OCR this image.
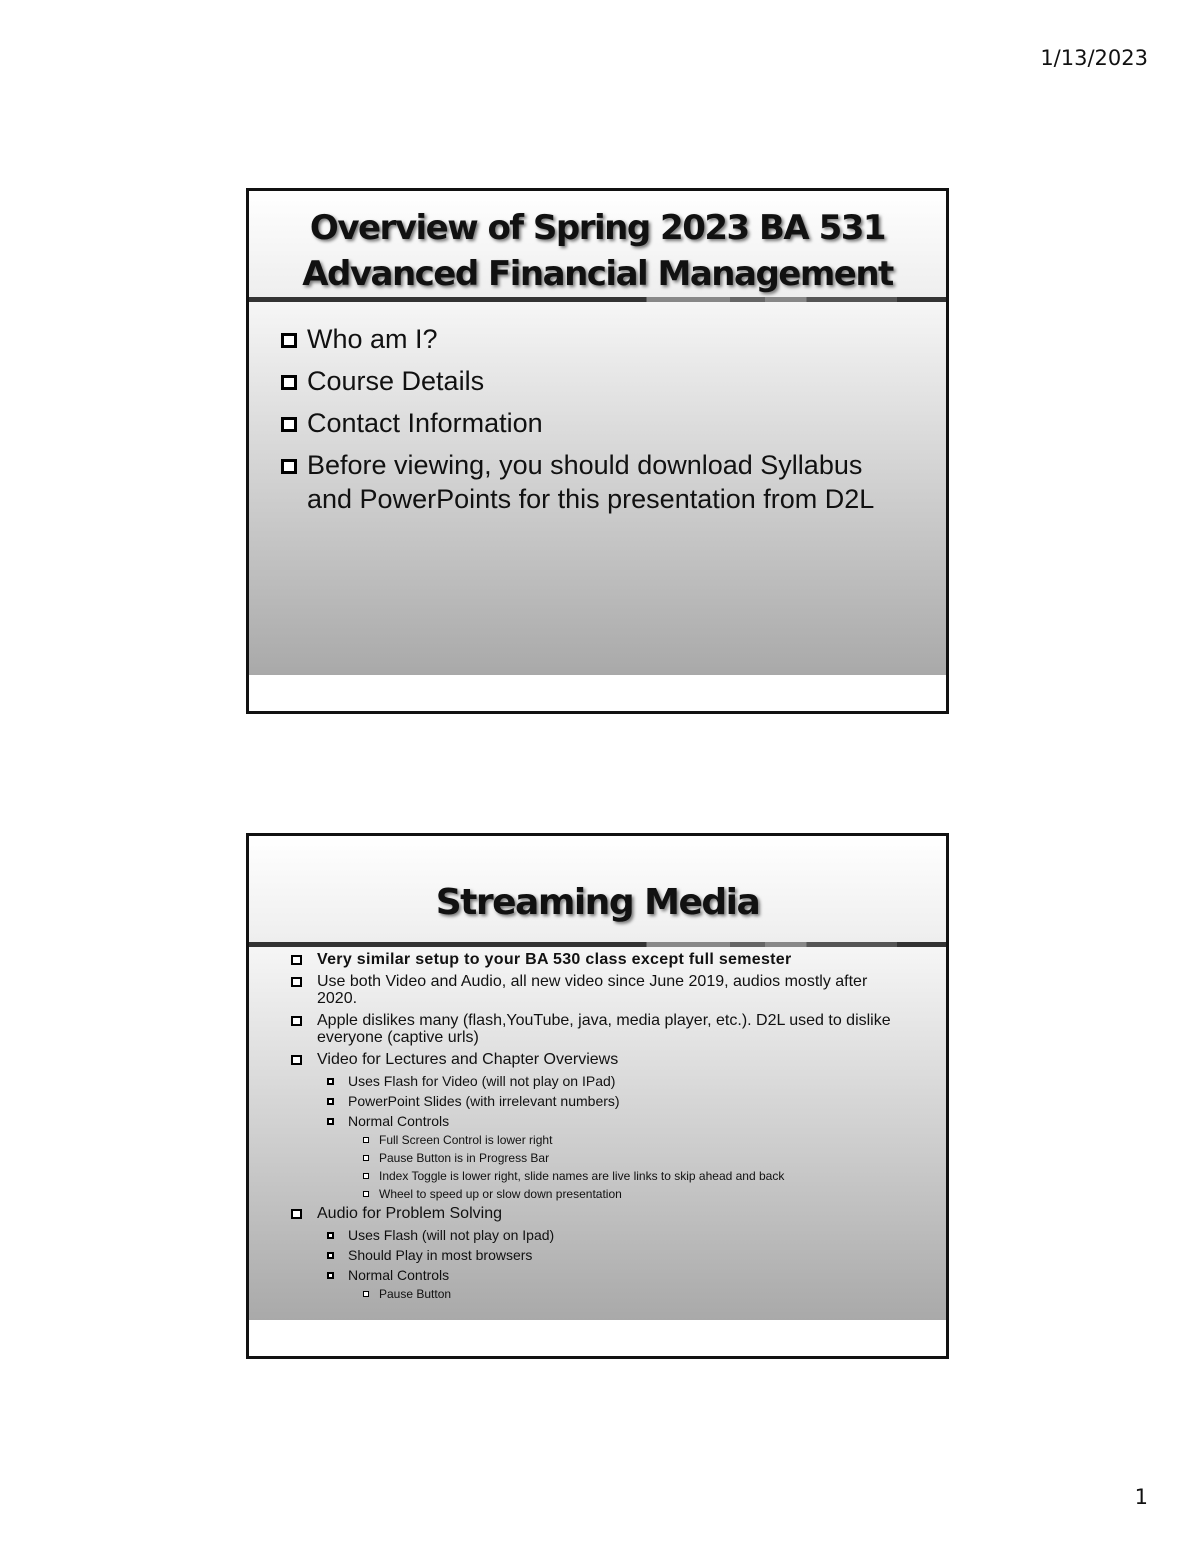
1/13/2023
Overview of Spring 2023 BA 531
Advanced Financial Management
Who am I?
Course Details
Contact Information
Before viewing, you should download Syllabus and PowerPoints for this presentation from D2L
Streaming Media
Very similar setup to your BA 530 class except full semester
Use both Video and Audio, all new video since June 2019, audios mostly after 2020.
Apple dislikes many (flash,YouTube, java, media player, etc.). D2L used to dislike everyone (captive urls)
Video for Lectures and Chapter Overviews
Uses Flash for Video (will not play on IPad)
PowerPoint Slides (with irrelevant numbers)
Normal Controls
Full Screen Control is lower right
Pause Button is in Progress Bar
Index Toggle is lower right, slide names are live links to skip ahead and back
Wheel to speed up or slow down presentation
Audio for Problem Solving
Uses Flash (will not play on Ipad)
Should Play in most browsers
Normal Controls
Pause Button
1
